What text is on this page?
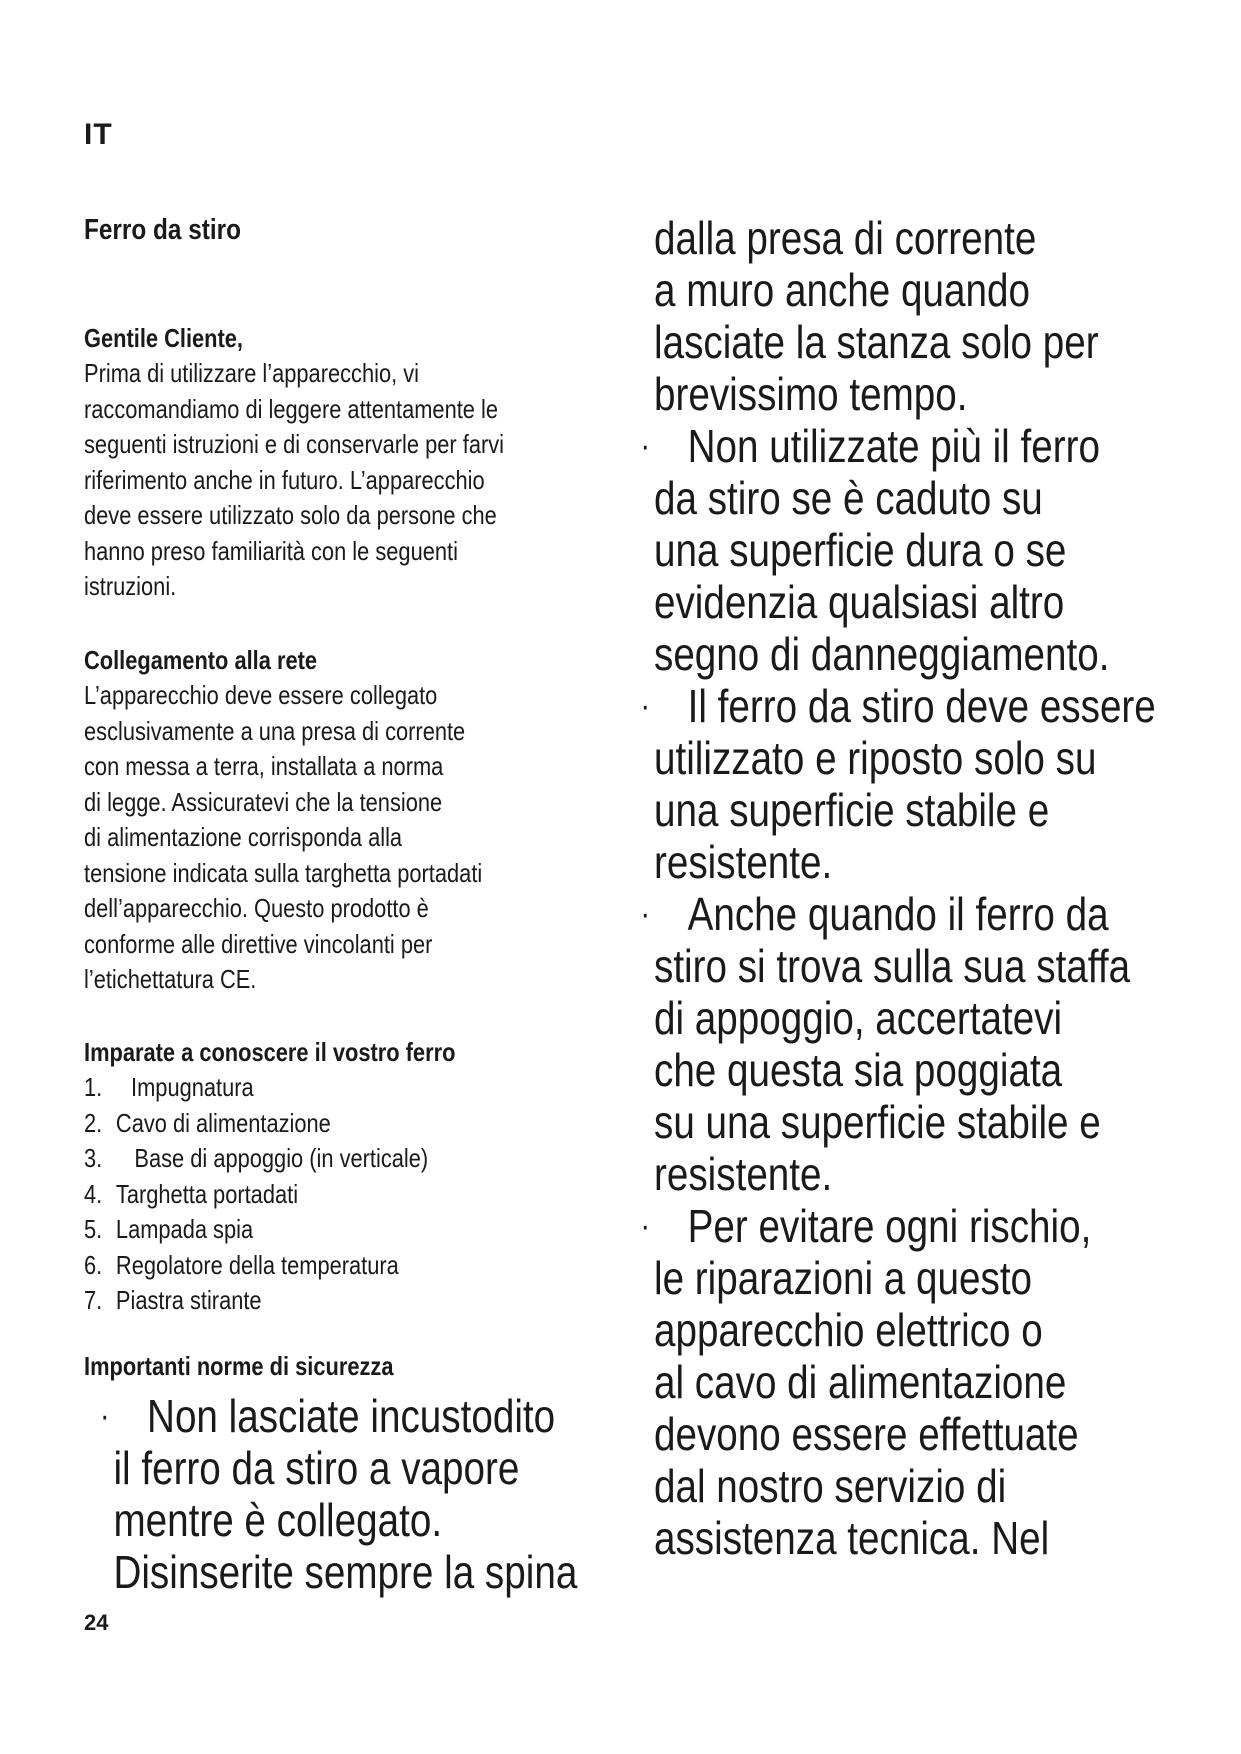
IT
Ferro da stiro
Gentile Cliente,
Prima di utilizzare l’apparecchio, vi
raccomandiamo di leggere attentamente le
seguenti istruzioni e di conservarle per farvi
riferimento anche in futuro. L’apparecchio
deve essere utilizzato solo da persone che
hanno preso familiarità con le seguenti
istruzioni.
Collegamento alla rete
L’apparecchio deve essere collegato
esclusivamente a una presa di corrente
con messa a terra, installata a norma
di legge. Assicuratevi che la tensione
di alimentazione corrisponda alla
tensione indicata sulla targhetta portadati
dell’apparecchio. Questo prodotto è
conforme alle direttive vincolanti per
l’etichettatura CE.
Imparate a conoscere il vostro ferro
1.	Impugnatura
2. Cavo di alimentazione
3.	Base di appoggio (in verticale)
4. Targhetta portadati
5. Lampada spia
6. Regolatore della temperatura
7. Piastra stirante
Importanti norme di sicurezza
· Non lasciate incustodito
il ferro da stiro a vapore
mentre è collegato.
Disinserite sempre la spina
dalla presa di corrente
a muro anche quando
lasciate la stanza solo per
brevissimo tempo.
· Non utilizzate più il ferro
da stiro se è caduto su
una superficie dura o se
evidenzia qualsiasi altro
segno di danneggiamento.
· Il ferro da stiro deve essere
utilizzato e riposto solo su
una superficie stabile e
resistente.
· Anche quando il ferro da
stiro si trova sulla sua staffa
di appoggio, accertatevi
che questa sia poggiata
su una superficie stabile e
resistente.
· Per evitare ogni rischio,
le riparazioni a questo
apparecchio elettrico o
al cavo di alimentazione
devono essere effettuate
dal nostro servizio di
assistenza tecnica. Nel
24
